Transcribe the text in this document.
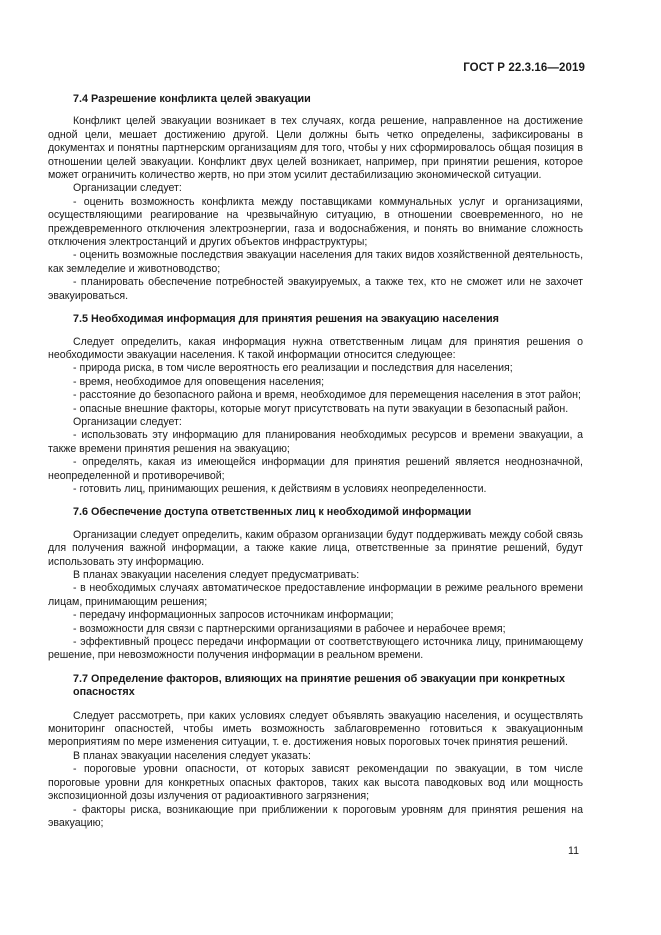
ГОСТ Р 22.3.16—2019
7.4 Разрешение конфликта целей эвакуации

Конфликт целей эвакуации возникает в тех случаях, когда решение, направленное на достижение одной цели, мешает достижению другой. Цели должны быть четко определены, зафиксированы в документах и понятны партнерским организациям для того, чтобы у них сформировалось общая позиция в отношении целей эвакуации. Конфликт двух целей возникает, например, при принятии решения, которое может ограничить количество жертв, но при этом усилит дестабилизацию экономической ситуации.

Организации следует:

- оценить возможность конфликта между поставщиками коммунальных услуг и организациями, осуществляющими реагирование на чрезвычайную ситуацию, в отношении своевременного, но не преждевременного отключения электроэнергии, газа и водоснабжения, и понять во внимание сложность отключения электростанций и других объектов инфраструктуры;

- оценить возможные последствия эвакуации населения для таких видов хозяйственной деятельность, как земледелие и животноводство;

- планировать обеспечение потребностей эвакуируемых, а также тех, кто не сможет или не захочет эвакуироваться.

7.5 Необходимая информация для принятия решения на эвакуацию населения

Следует определить, какая информация нужна ответственным лицам для принятия решения о необходимости эвакуации населения. К такой информации относится следующее:

- природа риска, в том числе вероятность его реализации и последствия для населения;

- время, необходимое для оповещения населения;

- расстояние до безопасного района и время, необходимое для перемещения населения в этот район;

- опасные внешние факторы, которые могут присутствовать на пути эвакуации в безопасный район.

Организации следует:

- использовать эту информацию для планирования необходимых ресурсов и времени эвакуации, а также времени принятия решения на эвакуацию;

- определять, какая из имеющейся информации для принятия решений является неоднозначной, неопределенной и противоречивой;

- готовить лиц, принимающих решения, к действиям в условиях неопределенности.

7.6 Обеспечение доступа ответственных лиц к необходимой информации

Организации следует определить, каким образом организации будут поддерживать между собой связь для получения важной информации, а также какие лица, ответственные за принятие решений, будут использовать эту информацию.

В планах эвакуации населения следует предусматривать:

- в необходимых случаях автоматическое предоставление информации в режиме реального времени лицам, принимающим решения;

- передачу информационных запросов источникам информации;

- возможности для связи с партнерскими организациями в рабочее и нерабочее время;

- эффективный процесс передачи информации от соответствующего источника лицу, принимающему решение, при невозможности получения информации в реальном времени.

7.7 Определение факторов, влияющих на принятие решения об эвакуации при конкретных опасностях

Следует рассмотреть, при каких условиях следует объявлять эвакуацию населения, и осуществлять мониторинг опасностей, чтобы иметь возможность заблаговременно готовиться к эвакуационным мероприятиям по мере изменения ситуации, т. е. достижения новых пороговых точек принятия решений.

В планах эвакуации населения следует указать:

- пороговые уровни опасности, от которых зависят рекомендации по эвакуации, в том числе пороговые уровни для конкретных опасных факторов, таких как высота паводковых вод или мощность экспозиционной дозы излучения от радиоактивного загрязнения;

- факторы риска, возникающие при приближении к пороговым уровням для принятия решения на эвакуацию;

11
